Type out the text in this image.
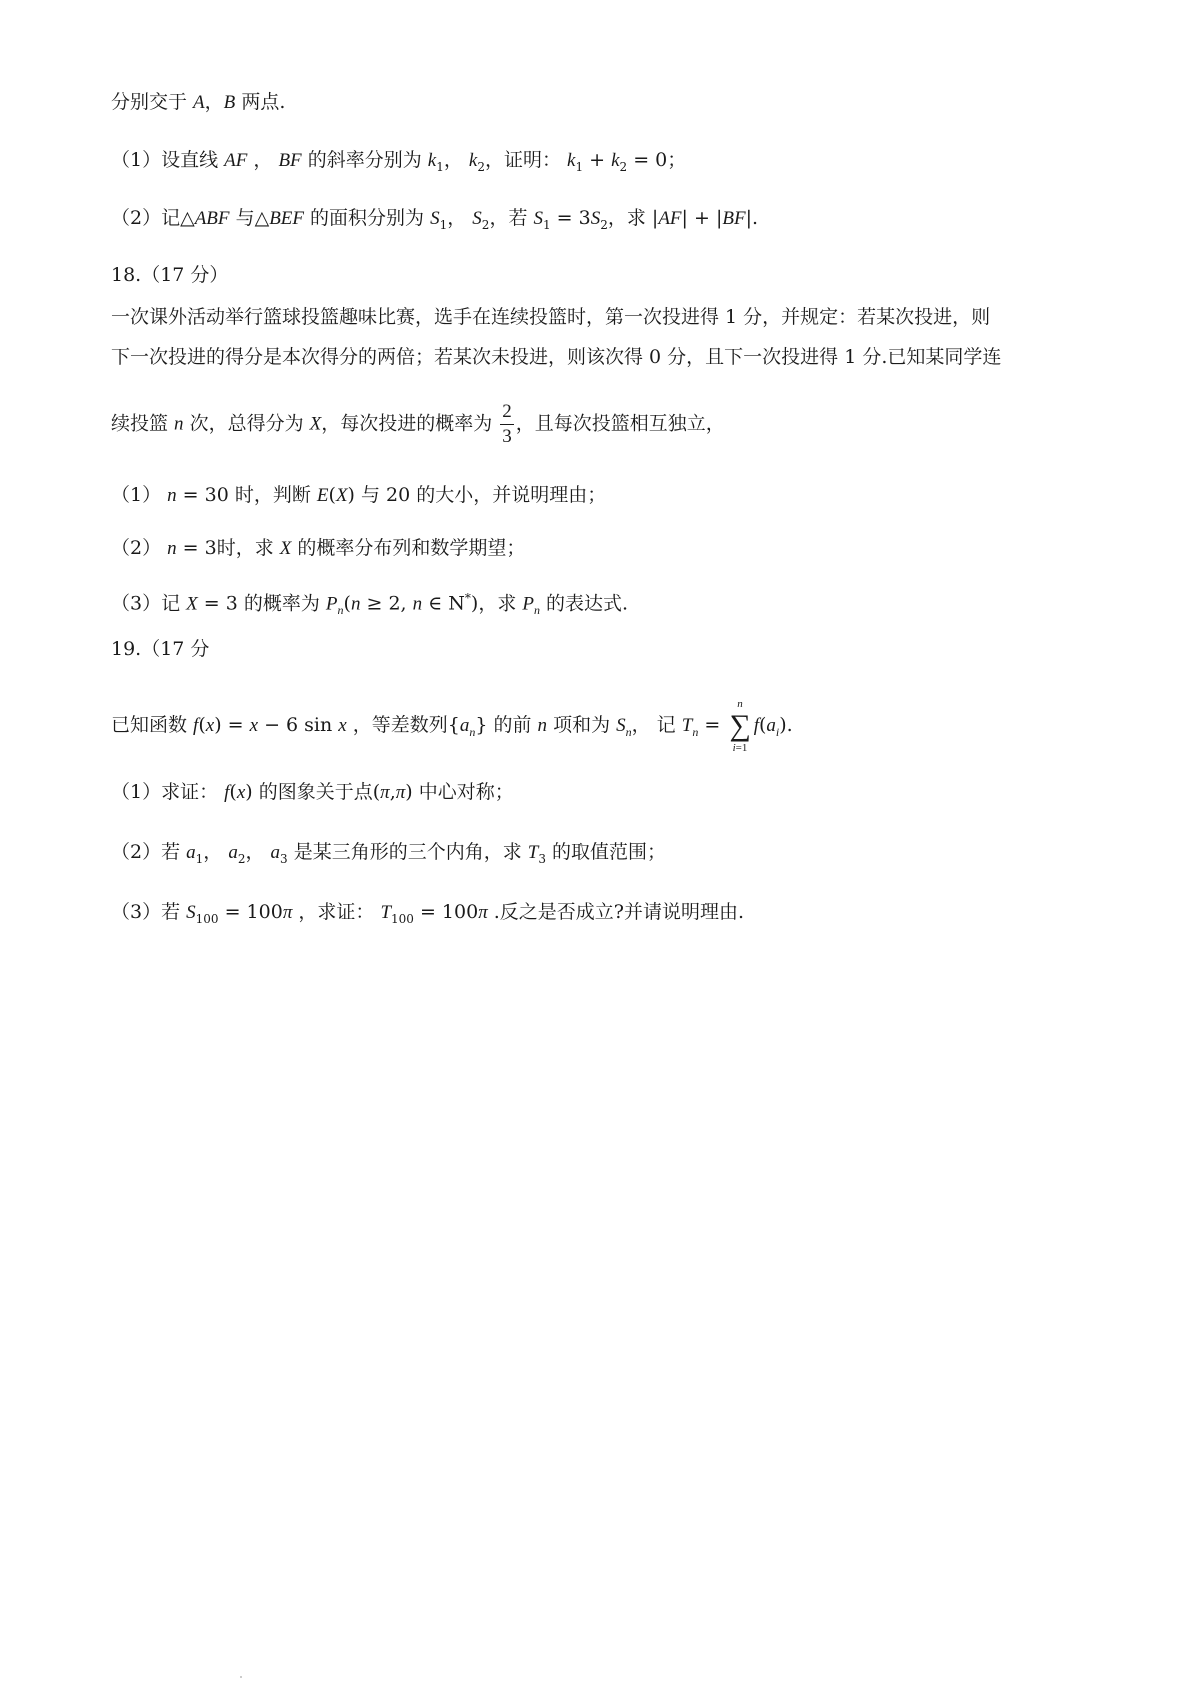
分别交于 A，B 两点.
（1）设直线 AF ， BF 的斜率分别为 $k_1$， $k_2$，证明： $k_1 + k_2 = 0$；
（2）记△ABF 与△BEF 的面积分别为 $S_1$， $S_2$，若 $S_1 = 3S_2$，求 |AF| + |BF|.
18.（17 分）
一次课外活动举行篮球投篮趣味比赛，选手在连续投篮时，第一次投进得 1 分，并规定：若某次投进，则
下一次投进的得分是本次得分的两倍；若某次未投进，则该次得 0 分，且下一次投进得 1 分.已知某同学连
续投篮 n 次，总得分为 X，每次投进的概率为 $\frac{2}{3}$ ，且每次投篮相互独立，
（1） n = 30 时，判断 E(X) 与 20 的大小，并说明理由；
（2） n = 3时，求 X 的概率分布列和数学期望；
（3）记 X = 3 的概率为 $P_n(n \ge 2$, n ∈ N*)，求 $P_n$ 的表达式.
19.（17 分
已知函数 f(x) = x − 6 sin x ，等差数列$\{a_n\}$ 的前 n 项和为 $S_n$， 记 $T_n$ =
n
∑
i=1
$f(a_i)$.
（1）求证： f(x) 的图象关于点(π,π) 中心对称；
（2）若 $a_1$， $a_2$， $a_3$ 是某三角形的三个内角，求 $T_3$ 的取值范围；
（3）若 $S_{100} = 100\pi$ ，求证： $T_{100} = 100\pi$ .反之是否成立?并请说明理由.
